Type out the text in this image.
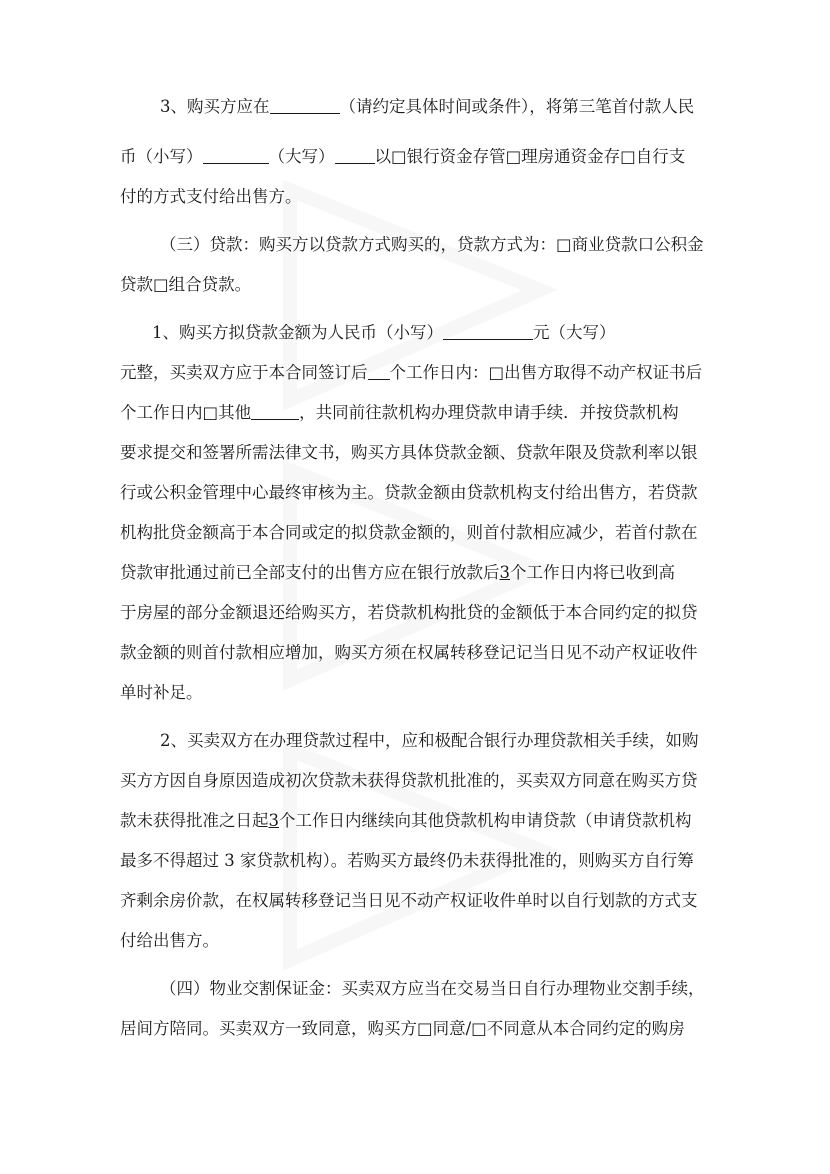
3、购买方应在	（请约定具体时间或条件），将第三笔首付款人民
币（小写）	（大写） 以□银行资金存管□理房通资金存□自行支
付的方式支付给出售方。
（三）贷款：购买方以贷款方式购买的，贷款方式为：□商业贷款口公积金
贷款□组合贷款。
1、购买方拟贷款金额为人民币（小写）	元（大写）
元整，买卖双方应于本合同签订后 个工作日内：□出售方取得不动产权证书后
个工作日内□其他	，共同前往款机构办理贷款申请手续．并按贷款机构
要求提交和签署所需法律文书，购买方具体贷款金额、贷款年限及贷款利率以银
行或公积金管理中心最终审核为主。贷款金额由贷款机构支付给出售方，若贷款
机构批贷金额高于本合同或定的拟贷款金额的，则首付款相应减少，若首付款在
贷款审批通过前已全部支付的出售方应在银行放款后3个工作日内将已收到高
于房屋的部分金额退还给购买方，若贷款机构批贷的金额低于本合同约定的拟贷
款金额的则首付款相应增加，购买方须在权属转移登记记当日见不动产权证收件
单时补足。
2、买卖双方在办理贷款过程中，应和极配合银行办理贷款相关手续，如购
买方方因自身原因造成初次贷款未获得贷款机批准的，买卖双方同意在购买方贷
款未获得批准之日起3个工作日内继续向其他贷款机构申请贷款（申请贷款机构
最多不得超过 3 家贷款机构）。若购买方最终仍未获得批准的，则购买方自行筹
齐剩余房价款，在权属转移登记当日见不动产权证收件单时以自行划款的方式支
付给出售方。
（四）物业交割保证金：买卖双方应当在交易当日自行办理物业交割手续，
居间方陪同。买卖双方一致同意，购买方□同意/□不同意从本合同约定的购房
